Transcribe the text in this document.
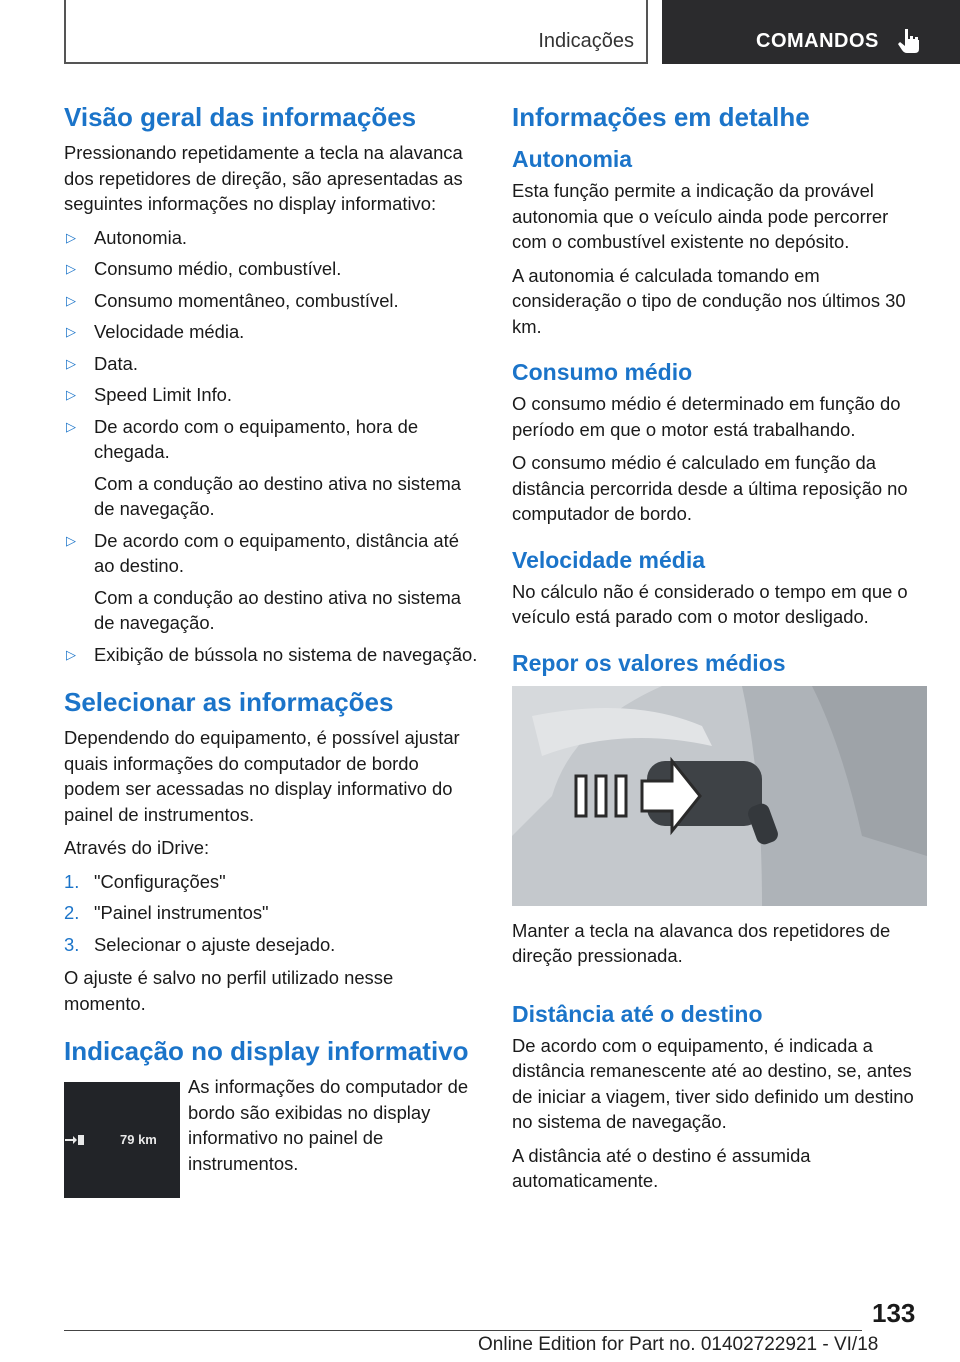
Indicações	COMANDOS
Visão geral das informações

Pressionando repetidamente a tecla na alavanca dos repetidores de direção, são apresentadas as seguintes informações no display informativo:

▷ Autonomia.
▷ Consumo médio, combustível.
▷ Consumo momentâneo, combustível.
▷ Velocidade média.
▷ Data.
▷ Speed Limit Info.
▷ De acordo com o equipamento, hora de chegada.

Com a condução ao destino ativa no sistema de navegação.

▷ De acordo com o equipamento, distância até ao destino.

Com a condução ao destino ativa no sistema de navegação.

▷ Exibição de bússola no sistema de navegação.
Selecionar as informações

Dependendo do equipamento, é possível ajustar quais informações do computador de bordo podem ser acessadas no display informativo do painel de instrumentos.

Através do iDrive:

1. "Configurações"
2. "Painel instrumentos"
3. Selecionar o ajuste desejado.

O ajuste é salvo no perfil utilizado nesse momento.

Indicação no display informativo
79 km

As informações do computador de bordo são exibidas no display informativo no painel de instrumentos.

Informações em detalhe
Autonomia

Esta função permite a indicação da provável autonomia que o veículo ainda pode percorrer com o combustível existente no depósito.

A autonomia é calculada tomando em consideração o tipo de condução nos últimos 30 km.

Consumo médio

O consumo médio é determinado em função do período em que o motor está trabalhando.

O consumo médio é calculado em função da distância percorrida desde a última reposição no computador de bordo.

Velocidade média

No cálculo não é considerado o tempo em que o veículo está parado com o motor desligado.

Repor os valores médios

Manter a tecla na alavanca dos repetidores de direção pressionada.

Distância até o destino

De acordo com o equipamento, é indicada a distância remanescente até ao destino, se, antes de iniciar a viagem, tiver sido definido um destino no sistema de navegação.

A distância até o destino é assumida automaticamente.

133
Online Edition for Part no. 01402722921 - VI/18
